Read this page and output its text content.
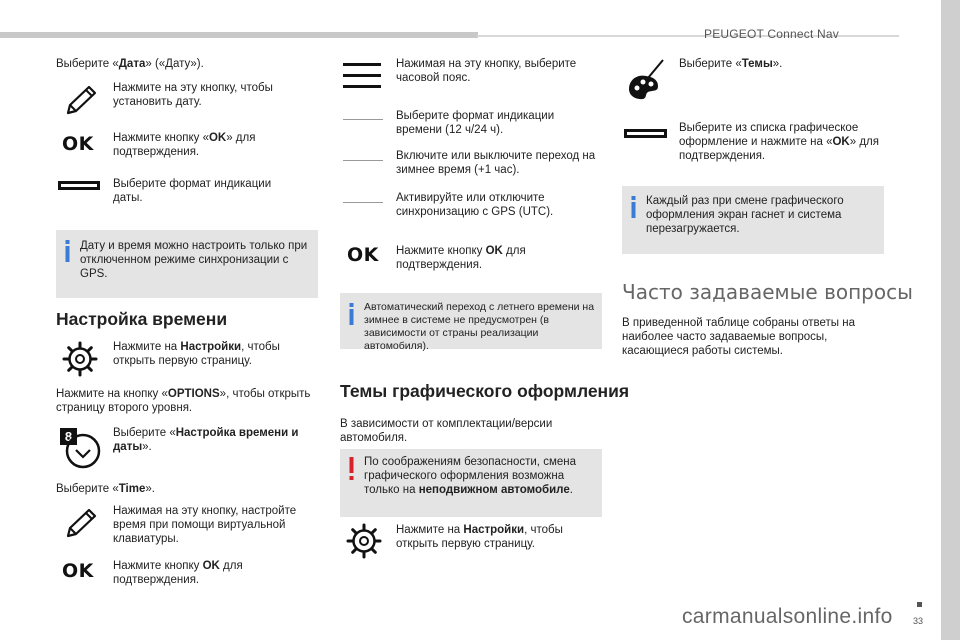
PEUGEOT Connect Nav
33
carmanualsonline.info

Выберите «Дата» («Дату»).

Нажмите на эту кнопку, чтобы установить дату.

OK Нажмите кнопку «OK» для подтверждения.

Выберите формат индикации даты.

Дату и время можно настроить только при отключенном режиме синхронизации с GPS.

Настройка времени

Нажмите на Настройки, чтобы открыть первую страницу.

Нажмите на кнопку «OPTIONS», чтобы открыть страницу второго уровня.

8	Выберите «Настройка времени и даты».

Выберите «Time».

Нажимая на эту кнопку, настройте время при помощи виртуальной клавиатуры.

OK Нажмите кнопку OK для подтверждения.

Нажимая на эту кнопку, выберите часовой пояс.

Выберите формат индикации времени (12 ч/24 ч).

Включите или выключите переход на зимнее время (+1 час).

Активируйте или отключите синхронизацию с GPS (UTC).

OK Нажмите кнопку OK для подтверждения.

Автоматический переход с летнего времени на зимнее в системе не предусмотрен (в зависимости от страны реализации автомобиля).

Темы графического оформления

В зависимости от комплектации/версии автомобиля.

По соображениям безопасности, смена графического оформления возможна только на неподвижном автомобиле.

Нажмите на Настройки, чтобы открыть первую страницу.

Выберите «Темы».

Выберите из списка графическое оформление и нажмите на «OK» для подтверждения.

Каждый раз при смене графического оформления экран гаснет и система перезагружается.

Часто задаваемые вопросы

В приведенной таблице собраны ответы на наиболее часто задаваемые вопросы, касающиеся работы системы.
